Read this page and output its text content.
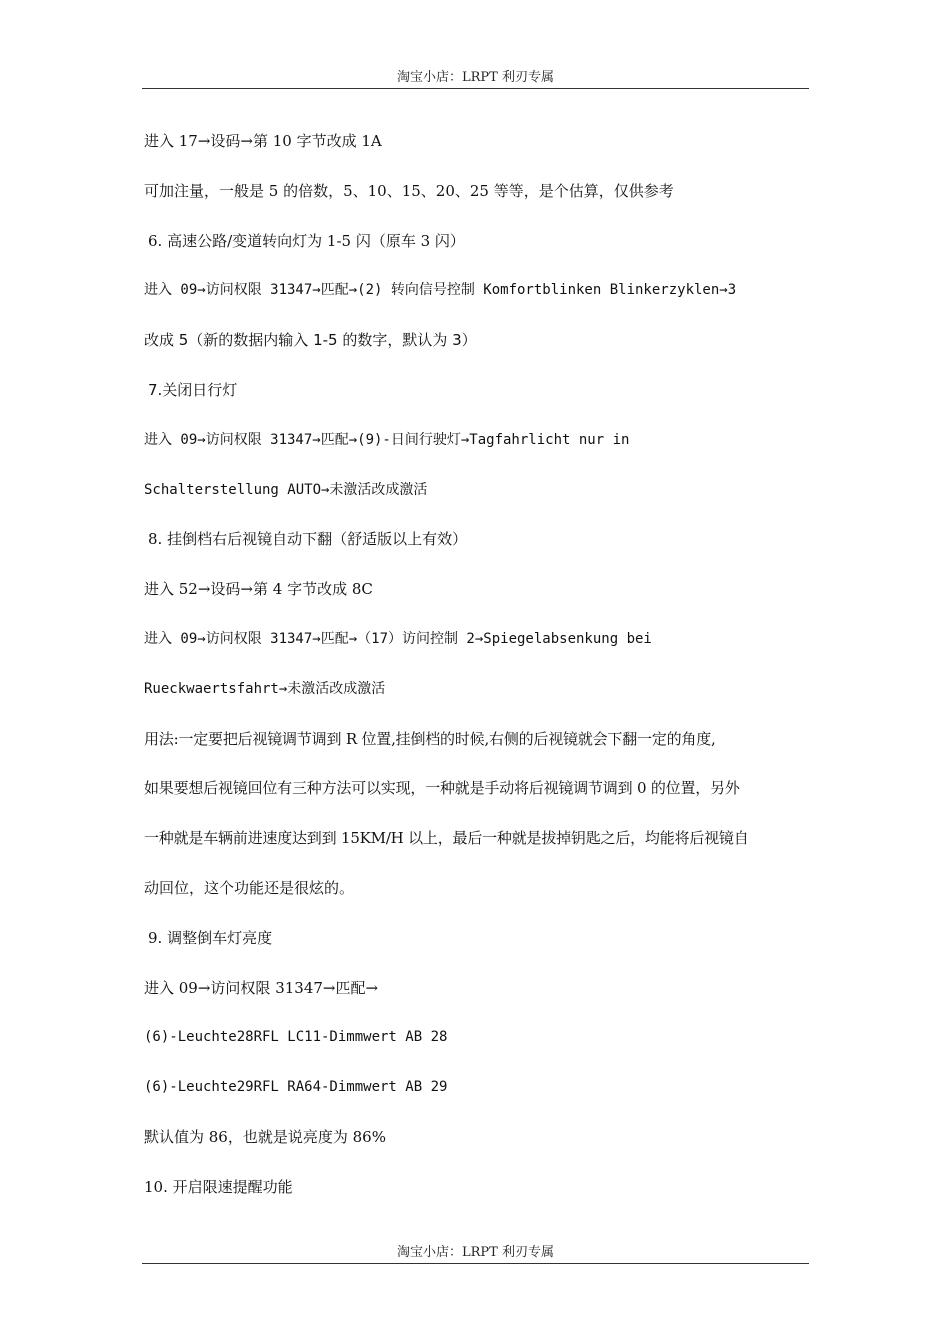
淘宝小店：LRPT 利刃专属
进入 17→设码→第 10 字节改成 1A
可加注量，一般是 5 的倍数，5、10、15、20、25 等等，是个估算，仅供参考
6. 高速公路/变道转向灯为 1-5 闪（原车 3 闪）
进入 09→访问权限 31347→匹配→(2) 转向信号控制 Komfortblinken Blinkerzyklen→3
改成 5（新的数据内输入 1-5 的数字，默认为 3）
7.关闭日行灯
进入 09→访问权限 31347→匹配→(9)-日间行驶灯→Tagfahrlicht nur in
Schalterstellung AUTO→未激活改成激活
8. 挂倒档右后视镜自动下翻（舒适版以上有效）
进入 52→设码→第 4 字节改成 8C
进入 09→访问权限 31347→匹配→（17）访问控制 2→Spiegelabsenkung bei
Rueckwaertsfahrt→未激活改成激活
用法:一定要把后视镜调节调到 R 位置,挂倒档的时候,右侧的后视镜就会下翻一定的角度,
如果要想后视镜回位有三种方法可以实现，一种就是手动将后视镜调节调到 0 的位置，另外
一种就是车辆前进速度达到到 15KM/H 以上，最后一种就是拔掉钥匙之后，均能将后视镜自
动回位，这个功能还是很炫的。
9. 调整倒车灯亮度
进入 09→访问权限 31347→匹配→
(6)-Leuchte28RFL LC11-Dimmwert AB 28
(6)-Leuchte29RFL RA64-Dimmwert AB 29
默认值为 86，也就是说亮度为 86%
10. 开启限速提醒功能
淘宝小店：LRPT 利刃专属
